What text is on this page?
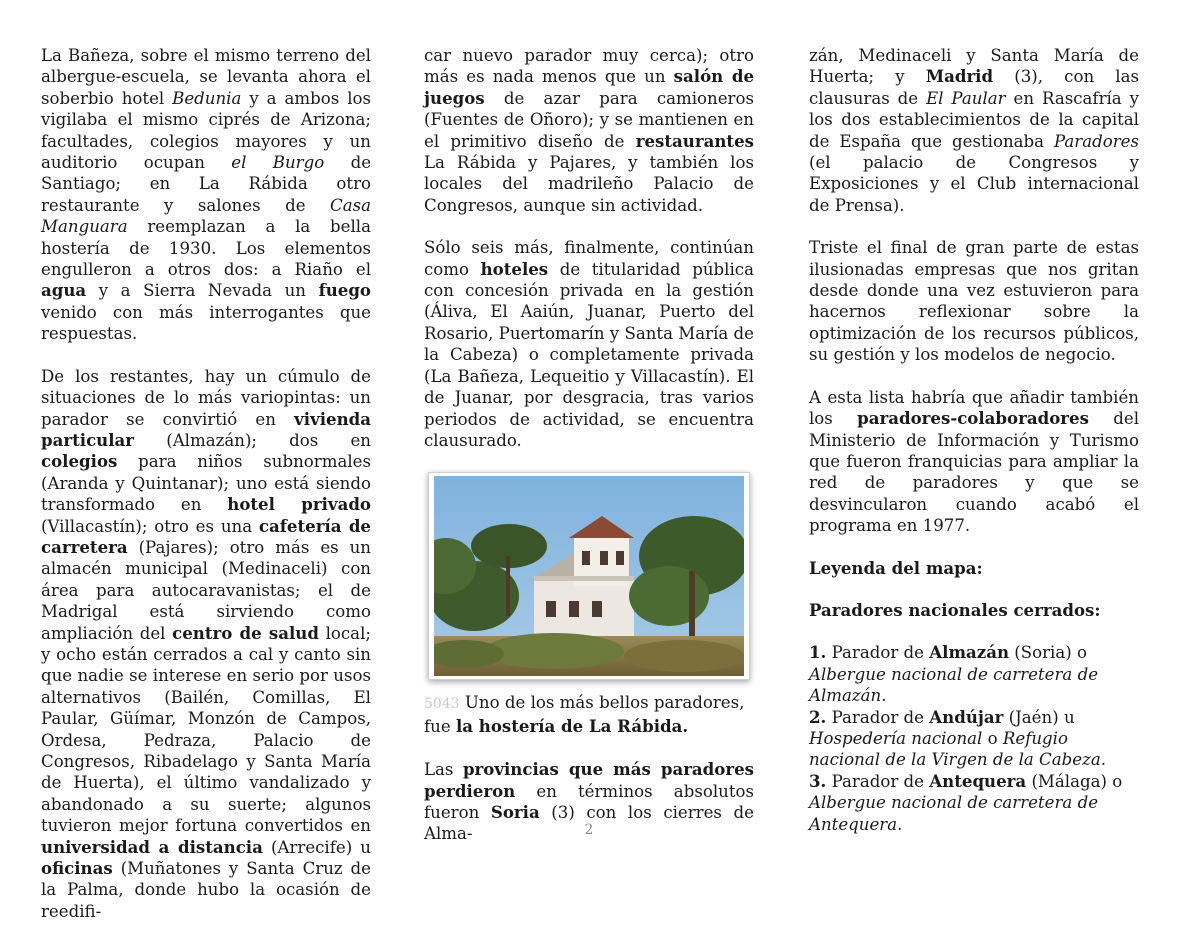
La Bañeza, sobre el mismo terreno del albergue-escuela, se levanta ahora el soberbio hotel Bedunia y a ambos los vigilaba el mismo ciprés de Arizona; facultades, colegios mayores y un auditorio ocupan el Burgo de Santiago; en La Rábida otro restaurante y salones de Casa Manguara reemplazan a la bella hostería de 1930. Los elementos engulleron a otros dos: a Riaño el agua y a Sierra Nevada un fuego venido con más interrogantes que respuestas.

De los restantes, hay un cúmulo de situaciones de lo más variopintas: un parador se convirtió en vivienda particular (Almazán); dos en colegios para niños subnormales (Aranda y Quintanar); uno está siendo transformado en hotel privado (Villacastín); otro es una cafetería de carretera (Pajares); otro más es un almacén municipal (Medinaceli) con área para autocaravanistas; el de Madrigal está sirviendo como ampliación del centro de salud local; y ocho están cerrados a cal y canto sin que nadie se interese en serio por usos alternativos (Bailén, Comillas, El Paular, Güímar, Monzón de Campos, Ordesa, Pedraza, Palacio de Congresos, Ribadelago y Santa María de Huerta), el último vandalizado y abandonado a su suerte; algunos tuvieron mejor fortuna convertidos en universidad a distancia (Arrecife) u oficinas (Muñatones y Santa Cruz de la Palma, donde hubo la ocasión de reedifi-

car nuevo parador muy cerca); otro más es nada menos que un salón de juegos de azar para camioneros (Fuentes de Oñoro); y se mantienen en el primitivo diseño de restaurantes La Rábida y Pajares, y también los locales del madrileño Palacio de Congresos, aunque sin actividad.

Sólo seis más, finalmente, continúan como hoteles de titularidad pública con concesión privada en la gestión (Áliva, El Aaiún, Juanar, Puerto del Rosario, Puertomarín y Santa María de la Cabeza) o completamente privada (La Bañeza, Lequeitio y Villacastín). El de Juanar, por desgracia, tras varios periodos de actividad, se encuentra clausurado.

5043 Uno de los más bellos paradores,
fue la hostería de La Rábida.

Las provincias que más paradores perdieron en términos absolutos fueron Soria (3) con los cierres de Alma-

zán, Medinaceli y Santa María de Huerta; y Madrid (3), con las clausuras de El Paular en Rascafría y los dos establecimientos de la capital de España que gestionaba Paradores (el palacio de Congresos y Exposiciones y el Club internacional de Prensa).

Triste el final de gran parte de estas ilusionadas empresas que nos gritan desde donde una vez estuvieron para hacernos reflexionar sobre la optimización de los recursos públicos, su gestión y los modelos de negocio.

A esta lista habría que añadir también los paradores-colaboradores del Ministerio de Información y Turismo que fueron franquicias para ampliar la red de paradores y que se desvincularon cuando acabó el programa en 1977.

Leyenda del mapa:

Paradores nacionales cerrados:

1. Parador de Almazán (Soria) o Albergue nacional de carretera de Almazán.

2. Parador de Andújar (Jaén) u Hospedería nacional o Refugio nacional de la Virgen de la Cabeza.

3. Parador de Antequera (Málaga) o Albergue nacional de carretera de Antequera.

2
